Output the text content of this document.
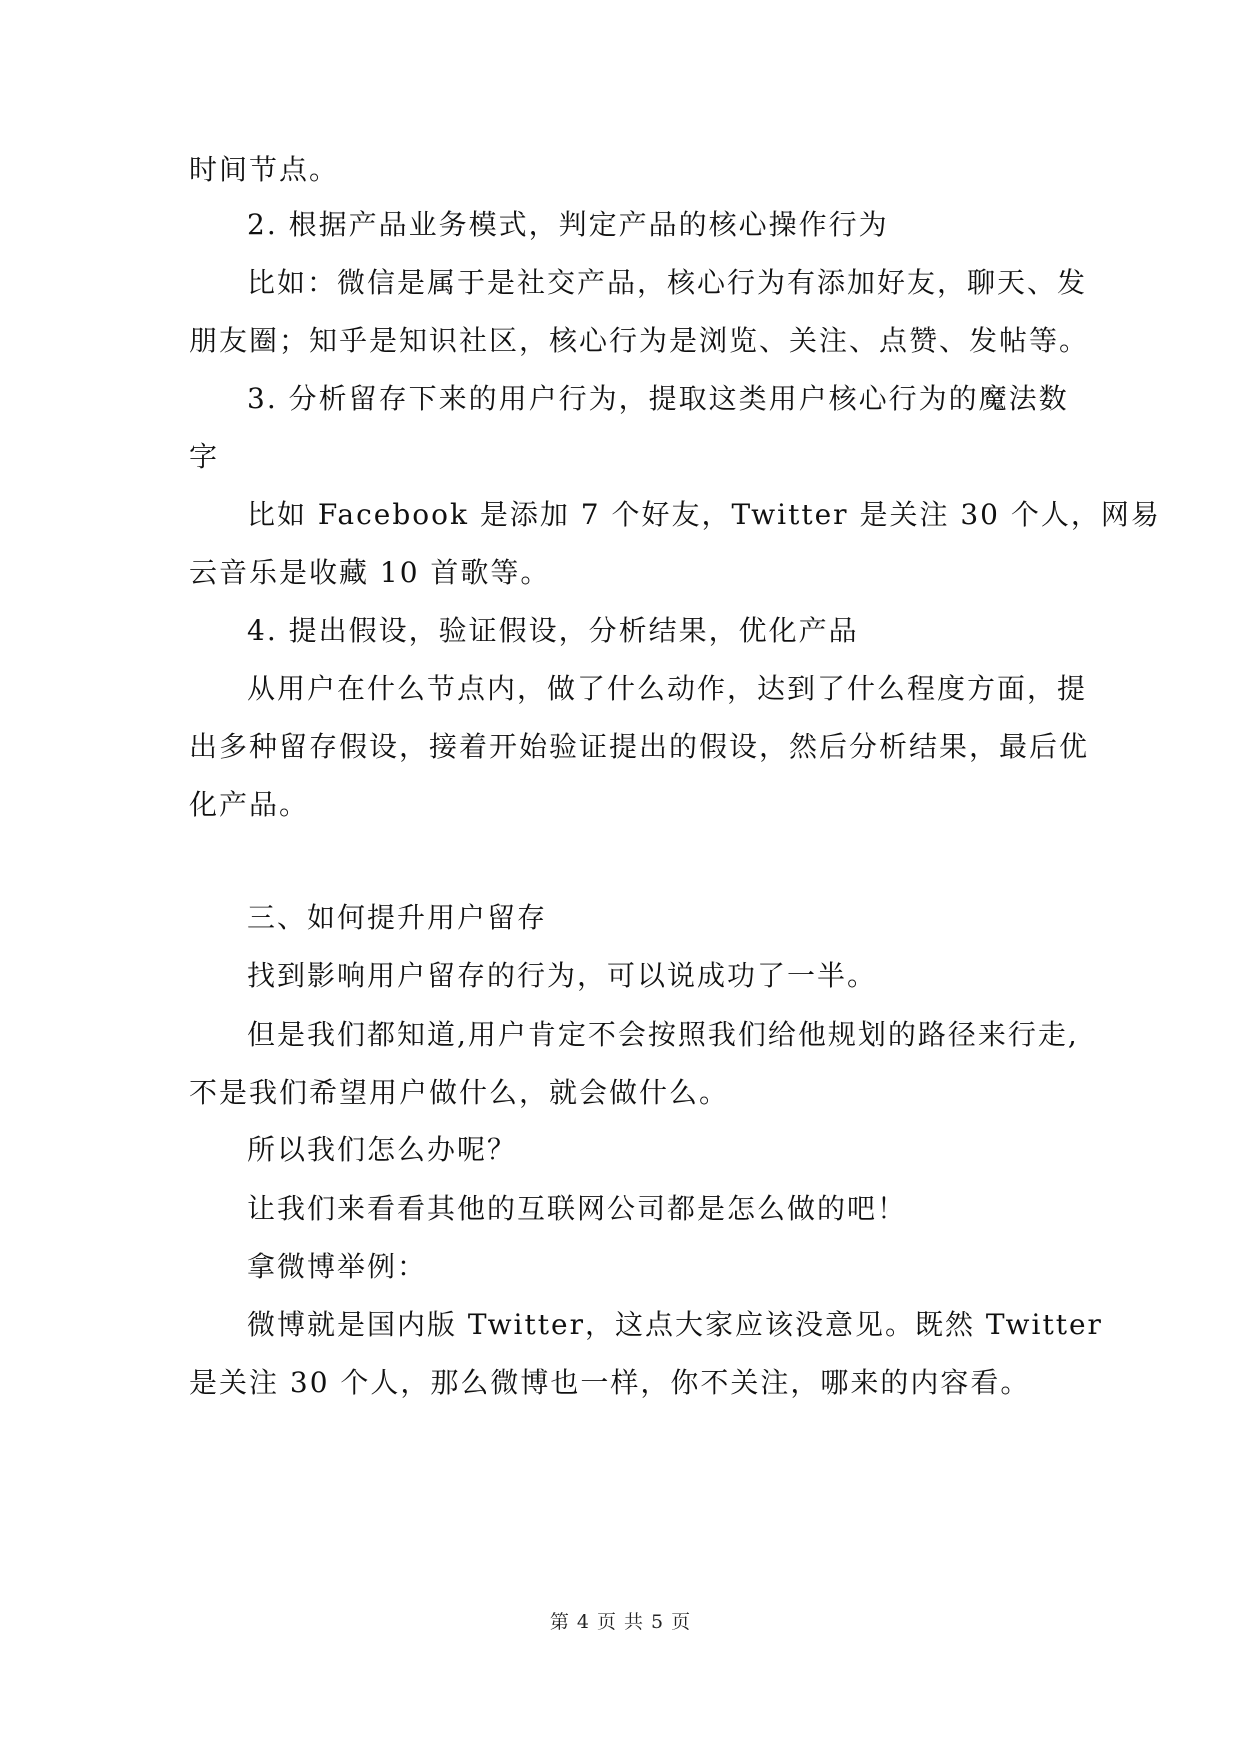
时间节点。
2. 根据产品业务模式，判定产品的核心操作行为
比如：微信是属于是社交产品，核心行为有添加好友，聊天、发
朋友圈；知乎是知识社区，核心行为是浏览、关注、点赞、发帖等。
3. 分析留存下来的用户行为，提取这类用户核心行为的魔法数
字
比如 Facebook 是添加 7 个好友，Twitter 是关注 30 个人，网易
云音乐是收藏 10 首歌等。
4. 提出假设，验证假设，分析结果，优化产品
从用户在什么节点内，做了什么动作，达到了什么程度方面，提
出多种留存假设，接着开始验证提出的假设，然后分析结果，最后优
化产品。
三、如何提升用户留存
找到影响用户留存的行为，可以说成功了一半。
但是我们都知道,用户肯定不会按照我们给他规划的路径来行走,
不是我们希望用户做什么，就会做什么。
所以我们怎么办呢？
让我们来看看其他的互联网公司都是怎么做的吧！
拿微博举例：
微博就是国内版 Twitter，这点大家应该没意见。既然 Twitter
是关注 30 个人，那么微博也一样，你不关注，哪来的内容看。
第 4 页 共 5 页
